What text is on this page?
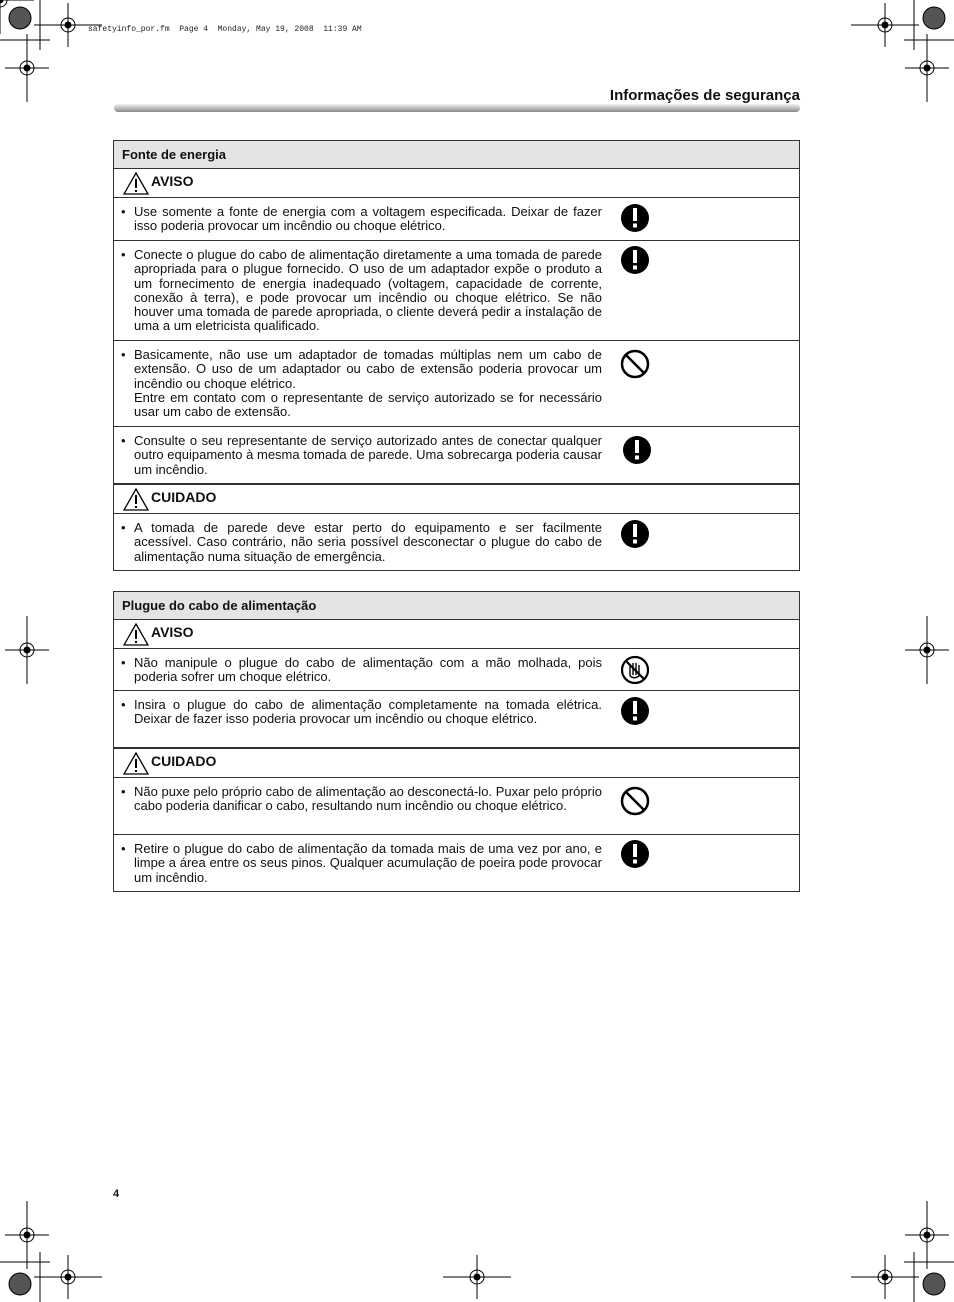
safetyinfo_por.fm  Page 4  Monday, May 19, 2008  11:39 AM
Informações de segurança
Fonte de energia
AVISO
• Use somente a fonte de energia com a voltagem especificada. Deixar de fazer isso poderia provocar um incêndio ou choque elétrico.
• Conecte o plugue do cabo de alimentação diretamente a uma tomada de parede apropriada para o plugue fornecido. O uso de um adaptador expõe o produto a um fornecimento de energia inadequado (voltagem, capacidade de corrente, conexão à terra), e pode provocar um incêndio ou choque elétrico. Se não houver uma tomada de parede apropriada, o cliente deverá pedir a instalação de uma a um eletricista qualificado.
• Basicamente, não use um adaptador de tomadas múltiplas nem um cabo de extensão. O uso de um adaptador ou cabo de extensão poderia provocar um incêndio ou choque elétrico.
Entre em contato com o representante de serviço autorizado se for necessário usar um cabo de extensão.
• Consulte o seu representante de serviço autorizado antes de conectar qualquer outro equipamento à mesma tomada de parede. Uma sobrecarga poderia causar um incêndio.
CUIDADO
• A tomada de parede deve estar perto do equipamento e ser facilmente acessível. Caso contrário, não seria possível desconectar o plugue do cabo de alimentação numa situação de emergência.
Plugue do cabo de alimentação
AVISO
• Não manipule o plugue do cabo de alimentação com a mão molhada, pois poderia sofrer um choque elétrico.
• Insira o plugue do cabo de alimentação completamente na tomada elétrica. Deixar de fazer isso poderia provocar um incêndio ou choque elétrico.
CUIDADO
• Não puxe pelo próprio cabo de alimentação ao desconectá-lo. Puxar pelo próprio cabo poderia danificar o cabo, resultando num incêndio ou choque elétrico.
• Retire o plugue do cabo de alimentação da tomada mais de uma vez por ano, e limpe a área entre os seus pinos. Qualquer acumulação de poeira pode provocar um incêndio.
4
